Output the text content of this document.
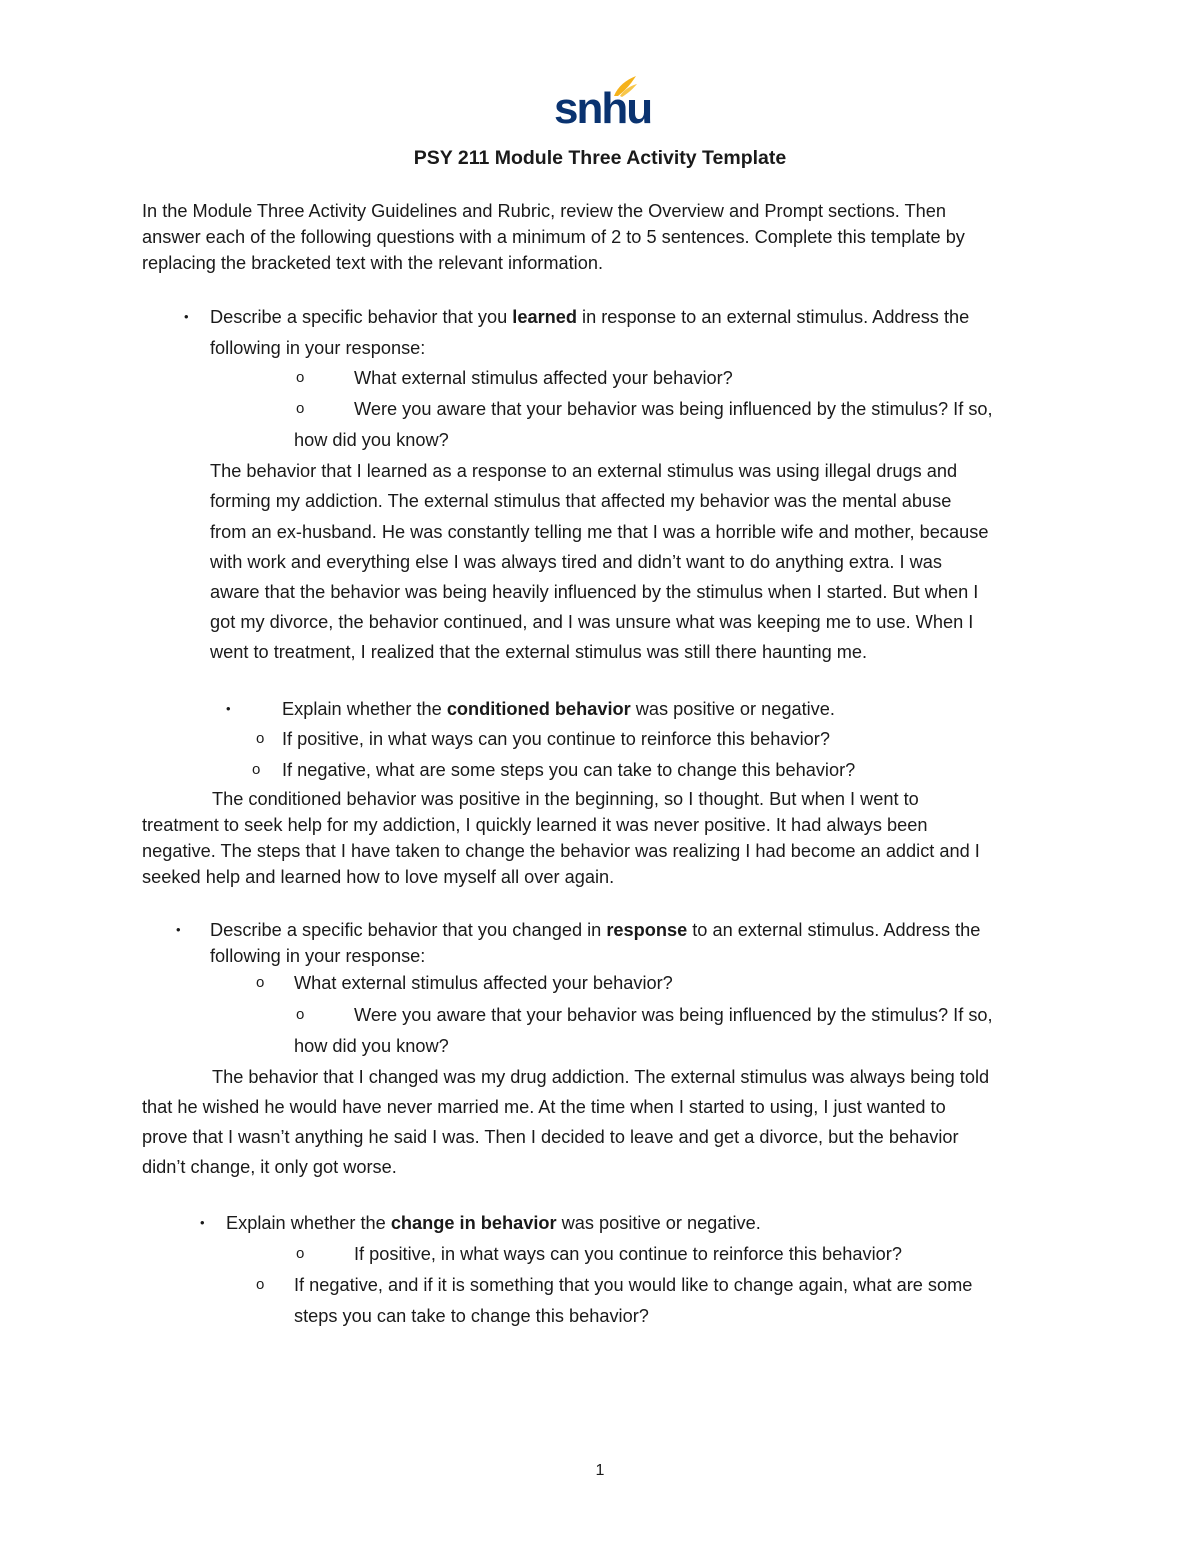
snhu
PSY 211 Module Three Activity Template
In the Module Three Activity Guidelines and Rubric, review the Overview and Prompt sections. Then
answer each of the following questions with a minimum of 2 to 5 sentences. Complete this template by
replacing the bracketed text with the relevant information.
• Describe a specific behavior that you learned in response to an external stimulus. Address the
following in your response:
o	What external stimulus affected your behavior?
o	Were you aware that your behavior was being influenced by the stimulus? If so,
how did you know?
The behavior that I learned as a response to an external stimulus was using illegal drugs and
forming my addiction. The external stimulus that affected my behavior was the mental abuse
from an ex-husband. He was constantly telling me that I was a horrible wife and mother, because
with work and everything else I was always tired and didn’t want to do anything extra. I was
aware that the behavior was being heavily influenced by the stimulus when I started. But when I
got my divorce, the behavior continued, and I was unsure what was keeping me to use. When I
went to treatment, I realized that the external stimulus was still there haunting me.
•	Explain whether the conditioned behavior was positive or negative.
o If positive, in what ways can you continue to reinforce this behavior?
o If negative, what are some steps you can take to change this behavior?
The conditioned behavior was positive in the beginning, so I thought. But when I went to
treatment to seek help for my addiction, I quickly learned it was never positive. It had always been
negative. The steps that I have taken to change the behavior was realizing I had become an addict and I
seeked help and learned how to love myself all over again.
• Describe a specific behavior that you changed in response to an external stimulus. Address the
following in your response:
o What external stimulus affected your behavior?
o	Were you aware that your behavior was being influenced by the stimulus? If so,
how did you know?
The behavior that I changed was my drug addiction. The external stimulus was always being told
that he wished he would have never married me. At the time when I started to using, I just wanted to
prove that I wasn’t anything he said I was. Then I decided to leave and get a divorce, but the behavior
didn’t change, it only got worse.
• Explain whether the change in behavior was positive or negative.
o	If positive, in what ways can you continue to reinforce this behavior?
o If negative, and if it is something that you would like to change again, what are some
steps you can take to change this behavior?
1
